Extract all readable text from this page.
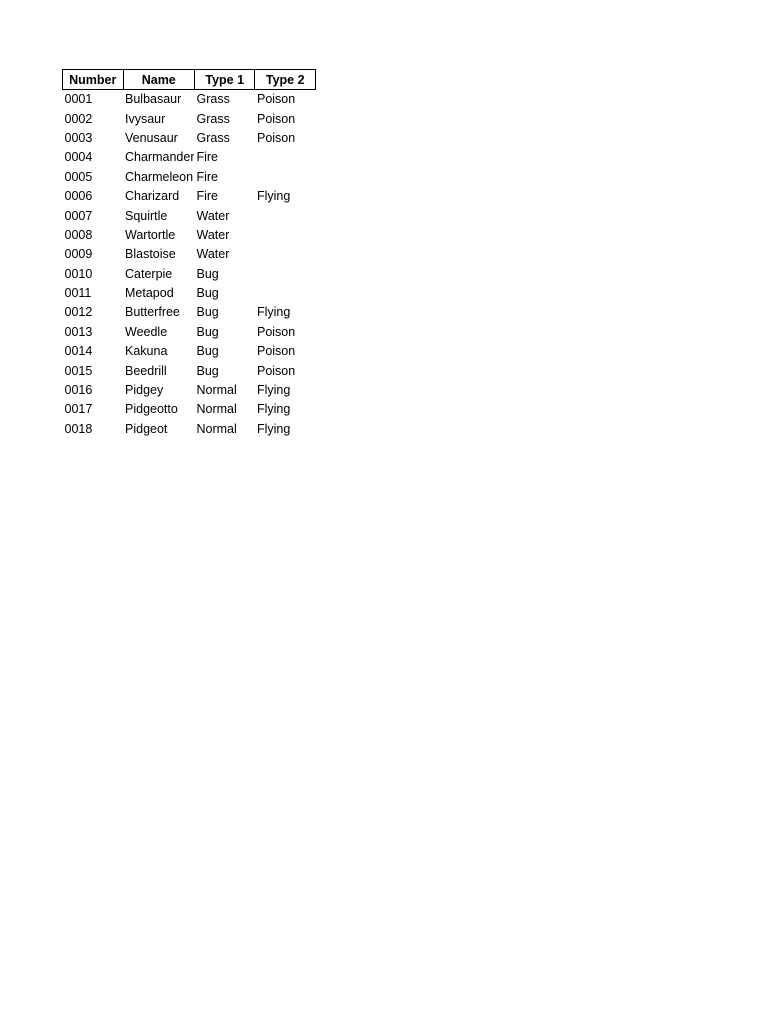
Number	Name	Type 1	Type 2
0001	Bulbasaur	Grass	Poison
0002	Ivysaur	Grass	Poison
0003	Venusaur	Grass	Poison
0004	Charmander	Fire	
0005	Charmeleon	Fire	
0006	Charizard	Fire	Flying
0007	Squirtle	Water	
0008	Wartortle	Water	
0009	Blastoise	Water	
0010	Caterpie	Bug	
0011	Metapod	Bug	
0012	Butterfree	Bug	Flying
0013	Weedle	Bug	Poison
0014	Kakuna	Bug	Poison
0015	Beedrill	Bug	Poison
0016	Pidgey	Normal	Flying
0017	Pidgeotto	Normal	Flying
0018	Pidgeot	Normal	Flying
